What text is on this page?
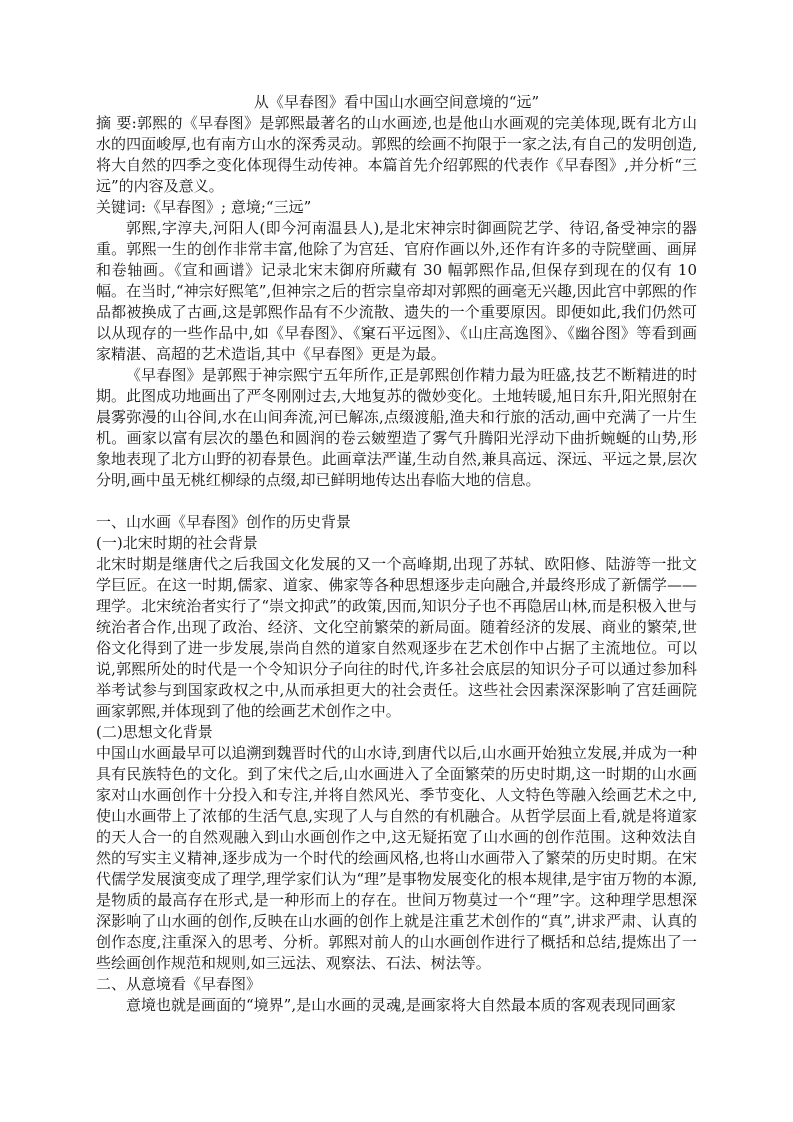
从《早春图》看中国山水画空间意境的“远”

摘 要:郭熙的《早春图》是郭熙最著名的山水画迹,也是他山水画观的完美体现,既有北方山水的四面峻厚,也有南方山水的深秀灵动。郭熙的绘画不拘限于一家之法,有自己的发明创造,将大自然的四季之变化体现得生动传神。本篇首先介绍郭熙的代表作《早春图》,并分析“三远”的内容及意义。

关键词:《早春图》; 意境;“三远”

郭熙,字淳夫,河阳人(即今河南温县人),是北宋神宗时御画院艺学、待诏,备受神宗的器重。郭熙一生的创作非常丰富,他除了为宫廷、官府作画以外,还作有许多的寺院壁画、画屏和卷轴画。《宣和画谱》记录北宋末御府所藏有 30 幅郭熙作品,但保存到现在的仅有 10 幅。在当时,“神宗好熙笔”,但神宗之后的哲宗皇帝却对郭熙的画毫无兴趣,因此宫中郭熙的作品都被换成了古画,这是郭熙作品有不少流散、遗失的一个重要原因。即便如此,我们仍然可以从现存的一些作品中,如《早春图》、《窠石平远图》、《山庄高逸图》、《幽谷图》等看到画家精湛、高超的艺术造诣,其中《早春图》更是为最。

《早春图》是郭熙于神宗熙宁五年所作,正是郭熙创作精力最为旺盛,技艺不断精进的时期。此图成功地画出了严冬刚刚过去,大地复苏的微妙变化。土地转暖,旭日东升,阳光照射在晨雾弥漫的山谷间,水在山间奔流,河已解冻,点缀渡船,渔夫和行旅的活动,画中充满了一片生机。画家以富有层次的墨色和圆润的卷云皴塑造了雾气升腾阳光浮动下曲折蜿蜒的山势,形象地表现了北方山野的初春景色。此画章法严谨,生动自然,兼具高远、深远、平远之景,层次分明,画中虽无桃红柳绿的点缀,却已鲜明地传达出春临大地的信息。

一、山水画《早春图》创作的历史背景

(一)北宋时期的社会背景

北宋时期是继唐代之后我国文化发展的又一个高峰期,出现了苏轼、欧阳修、陆游等一批文学巨匠。在这一时期,儒家、道家、佛家等各种思想逐步走向融合,并最终形成了新儒学——理学。北宋统治者实行了“崇文抑武”的政策,因而,知识分子也不再隐居山林,而是积极入世与统治者合作,出现了政治、经济、文化空前繁荣的新局面。随着经济的发展、商业的繁荣,世俗文化得到了进一步发展,崇尚自然的道家自然观逐步在艺术创作中占据了主流地位。可以说,郭熙所处的时代是一个令知识分子向往的时代,许多社会底层的知识分子可以通过参加科举考试参与到国家政权之中,从而承担更大的社会责任。这些社会因素深深影响了宫廷画院画家郭熙,并体现到了他的绘画艺术创作之中。

(二)思想文化背景

中国山水画最早可以追溯到魏晋时代的山水诗,到唐代以后,山水画开始独立发展,并成为一种具有民族特色的文化。到了宋代之后,山水画进入了全面繁荣的历史时期,这一时期的山水画家对山水画创作十分投入和专注,并将自然风光、季节变化、人文特色等融入绘画艺术之中,使山水画带上了浓郁的生活气息,实现了人与自然的有机融合。从哲学层面上看,就是将道家的天人合一的自然观融入到山水画创作之中,这无疑拓宽了山水画的创作范围。这种效法自然的写实主义精神,逐步成为一个时代的绘画风格,也将山水画带入了繁荣的历史时期。在宋代儒学发展演变成了理学,理学家们认为“理”是事物发展变化的根本规律,是宇宙万物的本源,是物质的最高存在形式,是一种形而上的存在。世间万物莫过一个“理”字。这种理学思想深深影响了山水画的创作,反映在山水画的创作上就是注重艺术创作的“真”,讲求严肃、认真的创作态度,注重深入的思考、分析。郭熙对前人的山水画创作进行了概括和总结,提炼出了一些绘画创作规范和规则,如三远法、观察法、石法、树法等。

二、从意境看《早春图》

意境也就是画面的“境界”,是山水画的灵魂,是画家将大自然最本质的客观表现同画家
